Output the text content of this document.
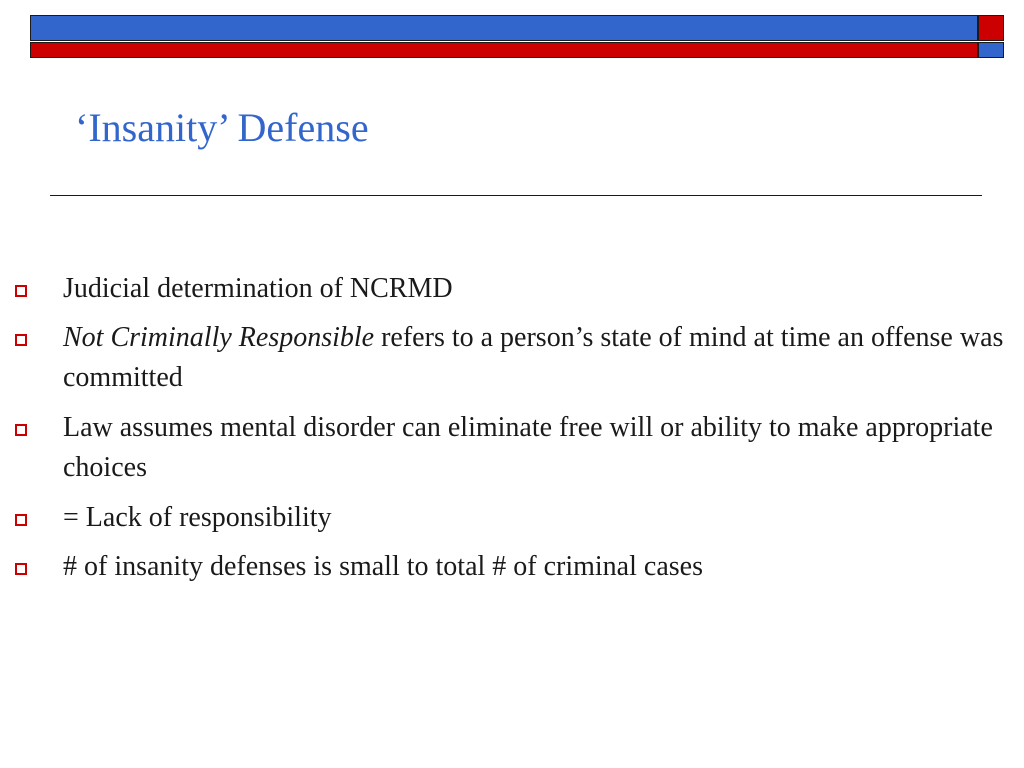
‘Insanity’ Defense
Judicial determination of NCRMD
Not Criminally Responsible refers to a person’s state of mind at time an offense was committed
Law assumes mental disorder can eliminate free will or ability to make appropriate choices
= Lack of responsibility
# of insanity defenses is small to total # of criminal cases
